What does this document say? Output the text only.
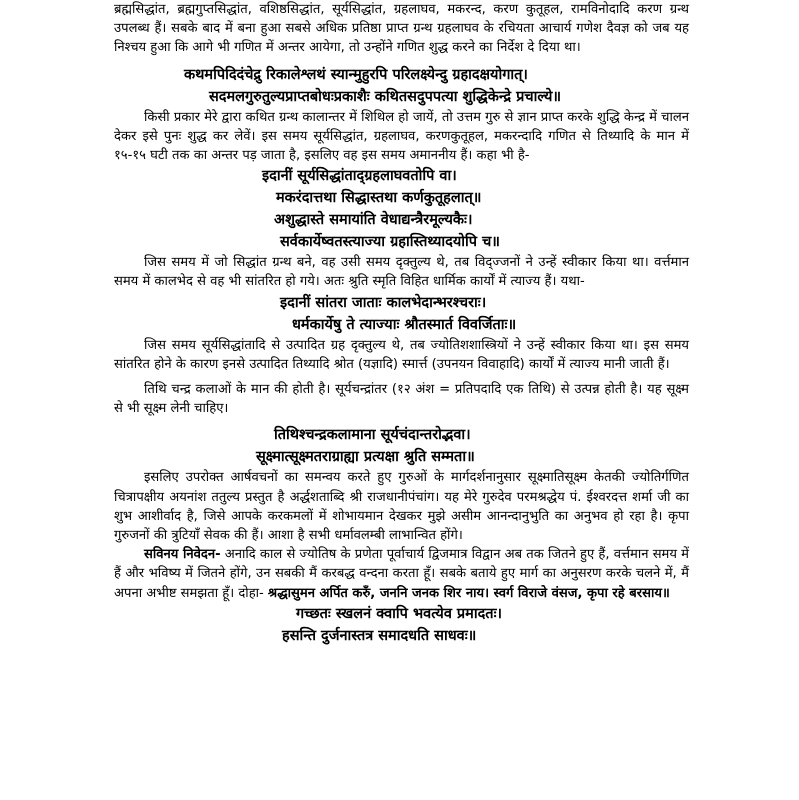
ब्रह्मसिद्धांत, ब्रह्मगुप्तसिद्धांत, वशिष्ठसिद्धांत, सूर्यसिद्धांत, ग्रहलाघव, मकरन्द, करण कुतूहल, रामविनोदादि करण ग्रन्थ उपलब्ध हैं। सबके बाद में बना हुआ सबसे अधिक प्रतिष्ठा प्राप्त ग्रन्थ ग्रहलाघव के रचियता आचार्य गणेश दैवज्ञ को जब यह निश्चय हुआ कि आगे भी गणित में अन्तर आयेगा, तो उन्होंने गणित शुद्ध करने का निर्देश दे दिया था।

कथमपिदिदंचेद्रु रिकालेश्लथं स्यान्मुहुरपि परिलक्ष्येन्दु ग्रहादक्षयोगात्।

सदमलगुरुतुल्यप्राप्तबोधःप्रकाशैः कथितसदुपपत्या शुद्धिकेन्द्रे प्रचाल्ये॥

किसी प्रकार मेरे द्वारा कथित ग्रन्थ कालान्तर में शिथिल हो जायें, तो उत्तम गुरु से ज्ञान प्राप्त करके शुद्धि केन्द्र में चालन देकर इसे पुनः शुद्ध कर लेवें। इस समय सूर्यसिद्धांत, ग्रहलाघव, करणकुतूहल, मकरन्दादि गणित से तिथ्यादि के मान में १५-१५ घटी तक का अन्तर पड़ जाता है, इसलिए वह इस समय अमाननीय हैं। कहा भी है-

इदानीं सूर्यसिद्धांताद्ग्रहलाघवतोपि वा।

मकरंदात्तथा सिद्धास्तथा कर्णकुतूहलात्॥

अशुद्धास्ते समायांति वेधाद्यन्त्रैरमूल्यकैः।

सर्वकार्येष्वतस्त्याज्या ग्रहास्तिथ्यादयोपि च॥

जिस समय में जो सिद्धांत ग्रन्थ बने, वह उसी समय दृक्तुल्य थे, तब विद्ज्जनों ने उन्हें स्वीकार किया था। वर्त्तमान समय में कालभेद से वह भी सांतरित हो गये। अतः श्रुति स्मृति विहित धार्मिक कार्यों में त्याज्य हैं। यथा-

इदानीं सांतरा जाताः कालभेदान्भरश्चराः।

धर्मकार्येषु ते त्याज्याः श्रौतस्मार्त विवर्जिताः॥

जिस समय सूर्यसिद्धांतादि से उत्पादित ग्रह दृक्तुल्य थे, तब ज्योतिशशास्त्रियों ने उन्हें स्वीकार किया था। इस समय सांतरित होने के कारण इनसे उत्पादित तिथ्यादि श्रोत (यज्ञादि) स्मार्त्त (उपनयन विवाहादि) कार्यों में त्याज्य मानी जाती हैं।

तिथि चन्द्र कलाओं के मान की होती है। सूर्यचन्द्रांतर (१२ अंश = प्रतिपदादि एक तिथि) से उत्पन्न होती है। यह सूक्ष्म से भी सूक्ष्म लेनी चाहिए।

तिथिश्चन्द्रकलामाना सूर्यचंदान्तरोद्भवा।

सूक्ष्मात्सूक्ष्मतराग्राह्या प्रत्यक्षा श्रुति सम्मता॥

इसलिए उपरोक्त आर्षवचनों का समन्वय करते हुए गुरुओं के मार्गदर्शनानुसार सूक्ष्मातिसूक्ष्म केतकी ज्योतिर्गणित चित्रापक्षीय अयनांश ततुल्य प्रस्तुत है अर्द्धशताब्दि श्री राजधानीपंचांग। यह मेरे गुरुदेव परमश्रद्धेय पं. ईश्वरदत्त शर्मा जी का शुभ आशीर्वाद है, जिसे आपके करकमलों में शोभायमान देखकर मुझे असीम आनन्दानुभुति का अनुभव हो रहा है। कृपा गुरुजनों की त्रुटियाँ सेवक की हैं। आशा है सभी धर्मावलम्बी लाभान्वित होंगे।

सविनय निवेदन- अनादि काल से ज्योतिष के प्रणेता पूर्वाचार्य द्विजमात्र विद्वान अब तक जितने हुए हैं, वर्त्तमान समय में हैं और भविष्य में जितने होंगे, उन सबकी मैं करबद्ध वन्दना करता हूँ। सबके बताये हुए मार्ग का अनुसरण करके चलने में, मैं अपना अभीष्ट समझता हूँ। दोहा- श्रद्धासुमन अर्पित करुँ, जननि जनक शिर नाय। स्वर्ग विराजे वंसज, कृपा रहे बरसाय॥

गच्छतः स्खलनं क्वापि भवत्येव प्रमादतः।

हसन्ति दुर्जनास्तत्र समादधति साधवः॥
